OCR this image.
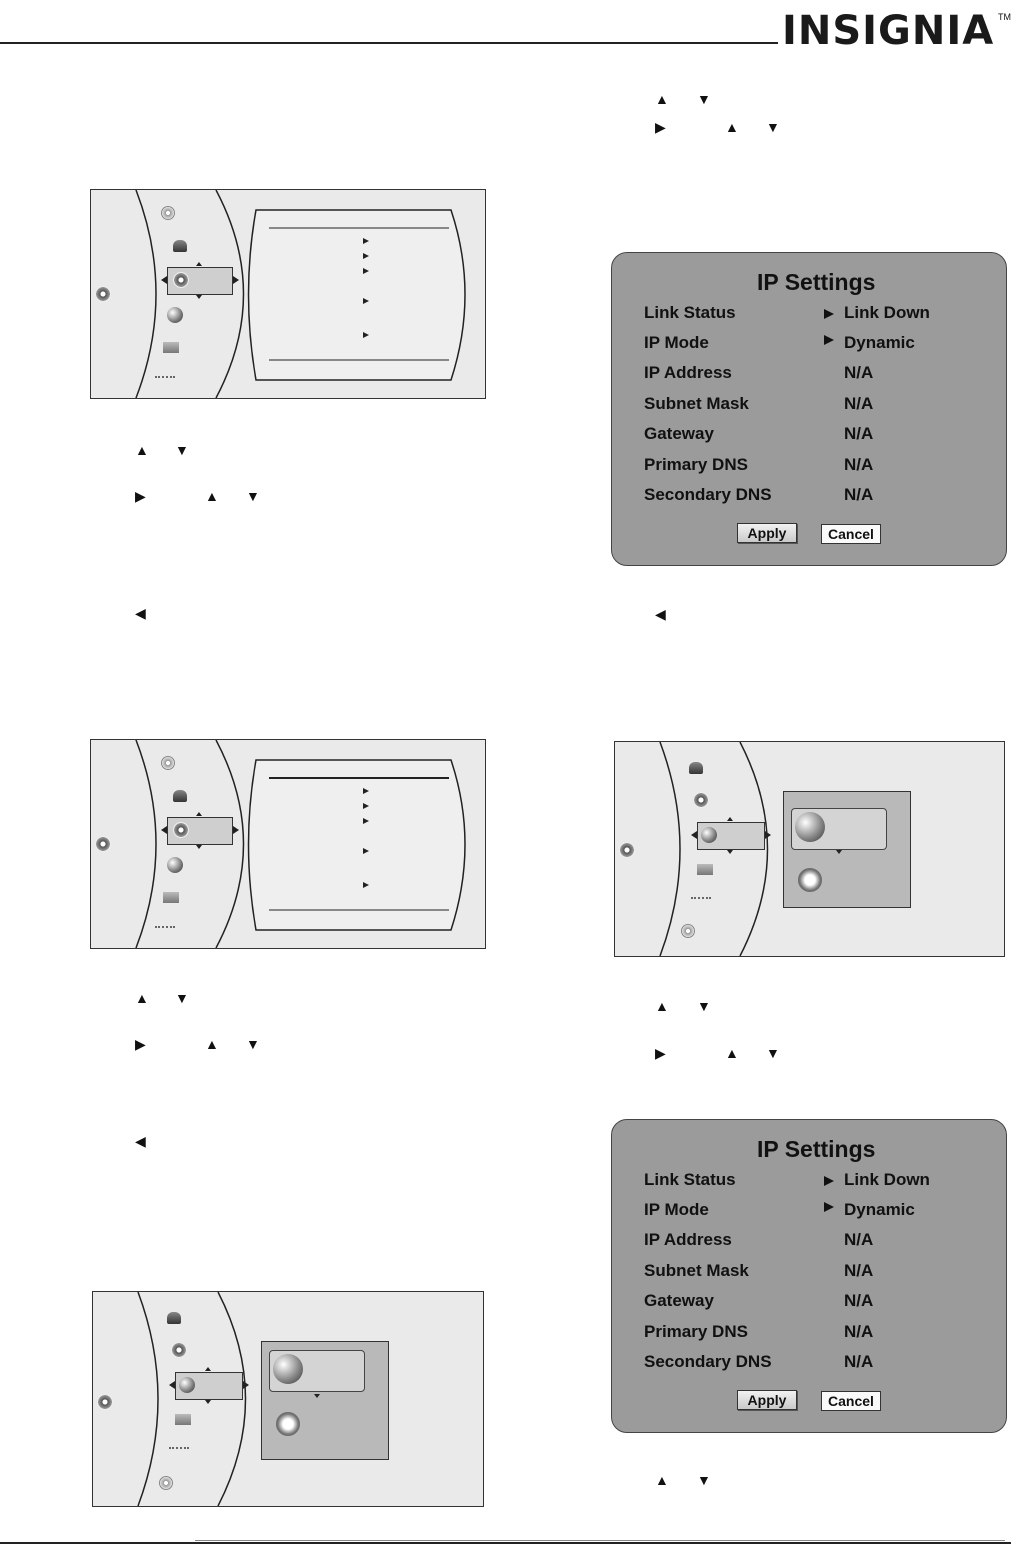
INSIGNIA TM
▲ ▼
▶	▲ ▼
◀
▲ ▼
▶	▲ ▼
◀
▲ ▼
▶	▲ ▼
◀
▲ ▼
▶	▲ ▼
▲ ▼
IP Settings
Link Status	Link Down
IP Mode	Dynamic
IP Address	N/A
Subnet Mask	N/A
Gateway	N/A
Primary DNS	N/A
Secondary DNS	N/A
Apply	Cancel
IP Settings
Link Status	Link Down
IP Mode	Dynamic
IP Address	N/A
Subnet Mask	N/A
Gateway	N/A
Primary DNS	N/A
Secondary DNS	N/A
Apply	Cancel
